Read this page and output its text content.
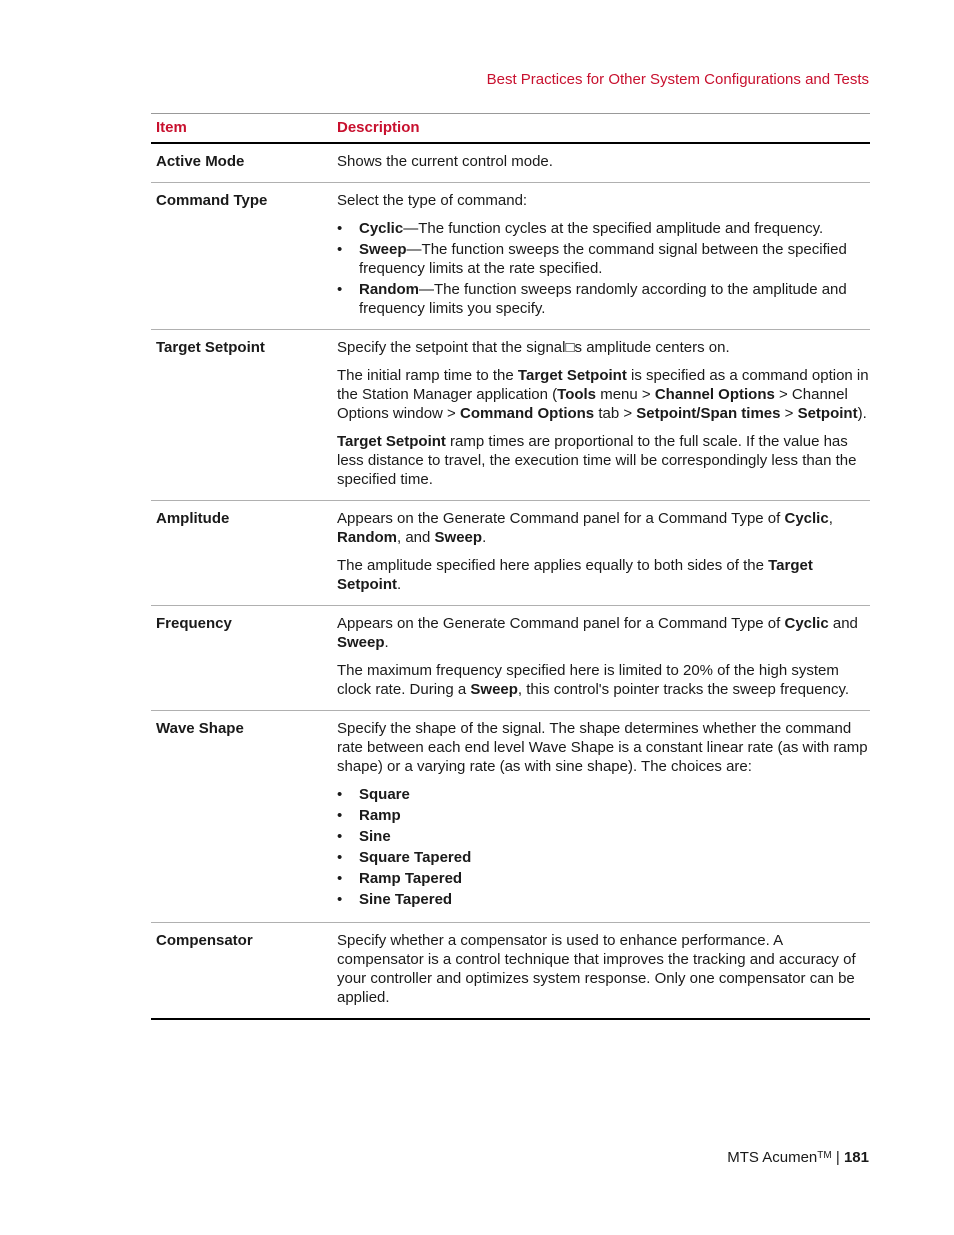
Best Practices for Other System Configurations and Tests
Item	Description
Active Mode	Shows the current control mode.

Command Type	Select the type of command:

• Cyclic—The function cycles at the specified amplitude and frequency.
• Sweep—The function sweeps the command signal between the specified frequency limits at the rate specified.
• Random—The function sweeps randomly according to the amplitude and frequency limits you specify.
Target Setpoint	Specify the setpoint that the signal□s amplitude centers on.

The initial ramp time to the Target Setpoint is specified as a command option in the Station Manager application (Tools menu > Channel Options > Channel Options window > Command Options tab > Setpoint/Span times > Setpoint).

Target Setpoint ramp times are proportional to the full scale. If the value has less distance to travel, the execution time will be correspondingly less than the specified time.

Amplitude	Appears on the Generate Command panel for a Command Type of Cyclic, Random, and Sweep.

The amplitude specified here applies equally to both sides of the Target Setpoint.

Frequency	Appears on the Generate Command panel for a Command Type of Cyclic and Sweep.

The maximum frequency specified here is limited to 20% of the high system clock rate. During a Sweep, this control's pointer tracks the sweep frequency.

Wave Shape	Specify the shape of the signal. The shape determines whether the command rate between each end level Wave Shape is a constant linear rate (as with ramp shape) or a varying rate (as with sine shape). The choices are:

• Square
• Ramp
• Sine
• Square Tapered
• Ramp Tapered
• Sine Tapered
Compensator	Specify whether a compensator is used to enhance performance. A compensator is a control technique that improves the tracking and accuracy of your controller and optimizes system response. Only one compensator can be applied.

MTS Acumen™ | 181
